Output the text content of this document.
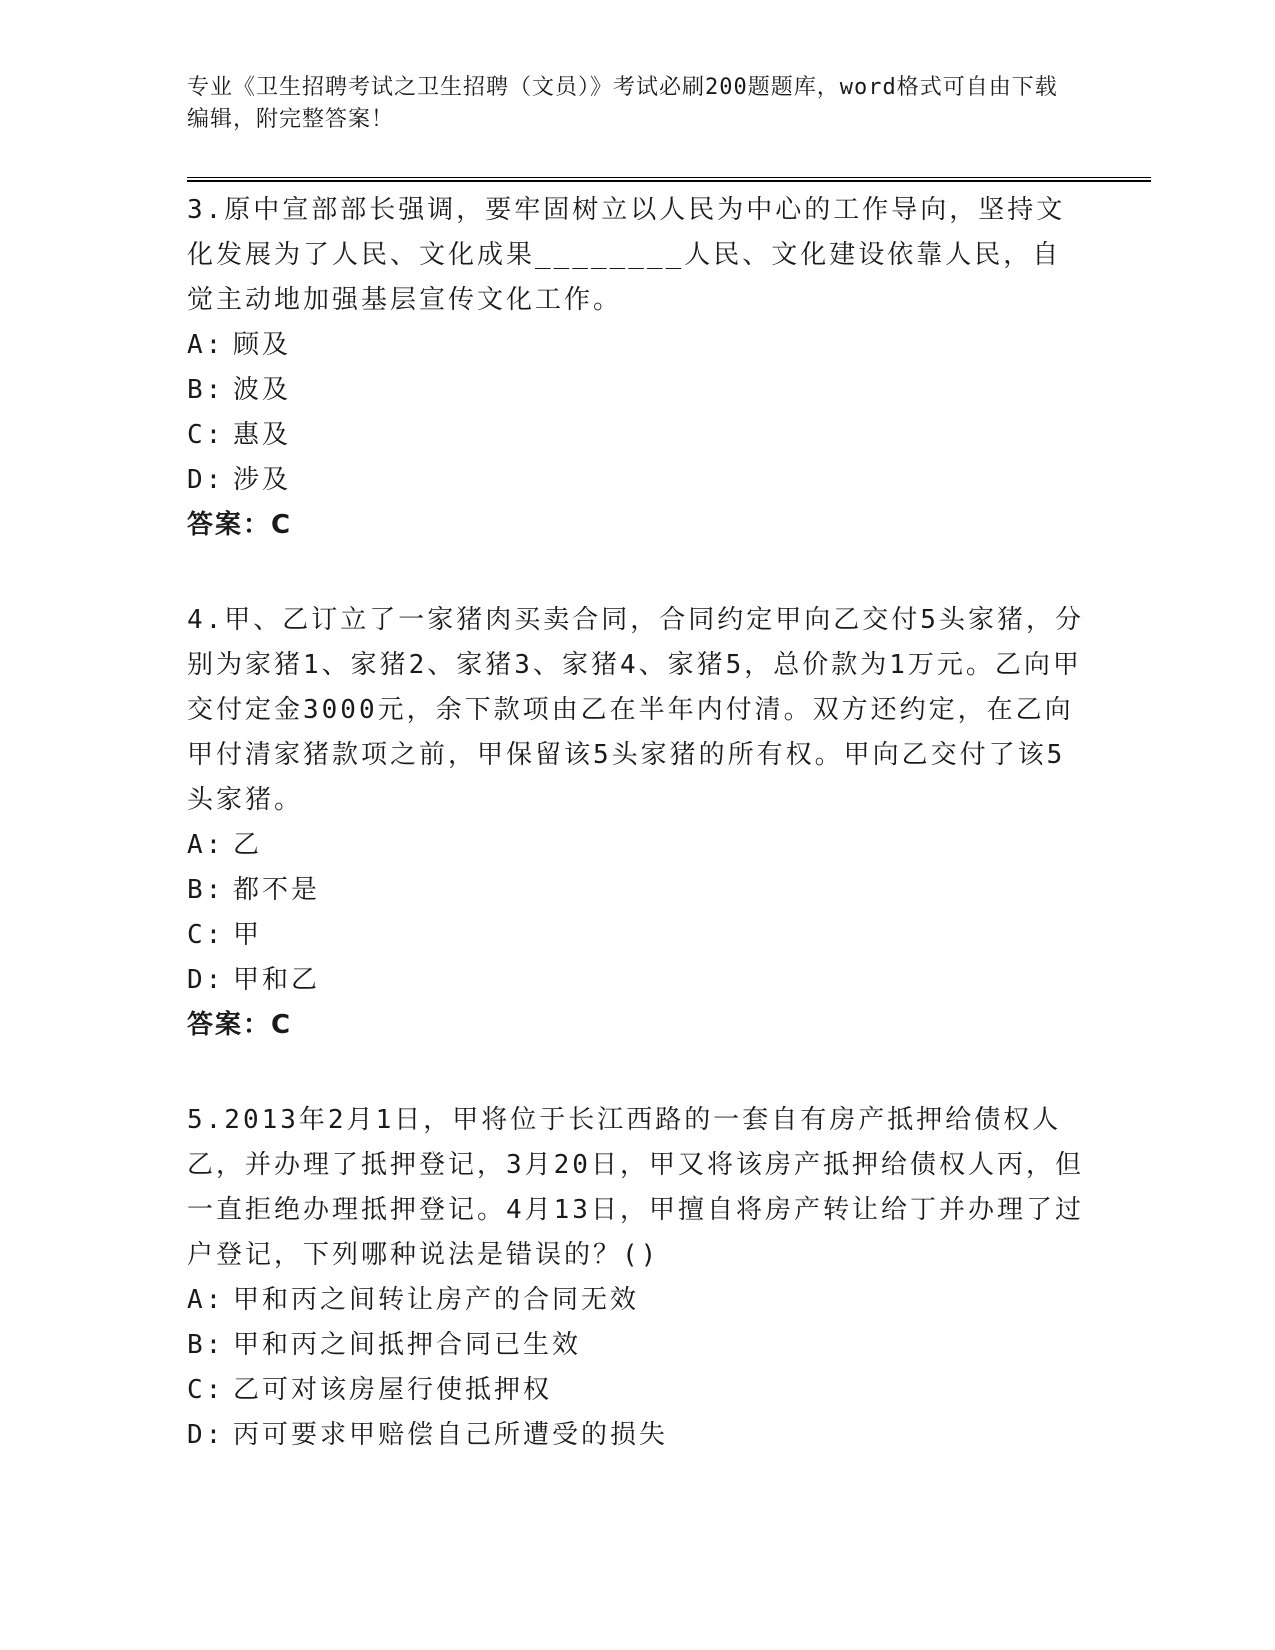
专业《卫生招聘考试之卫生招聘（文员）》考试必刷200题题库，word格式可自由下载编辑，附完整答案！

3.原中宣部部长强调，要牢固树立以人民为中心的工作导向，坚持文化发展为了人民、文化成果________人民、文化建设依靠人民，自觉主动地加强基层宣传文化工作。

A: 顾及

B: 波及

C: 惠及

D: 涉及

答案：C

4.甲、乙订立了一家猪肉买卖合同，合同约定甲向乙交付5头家猪，分别为家猪1、家猪2、家猪3、家猪4、家猪5，总价款为1万元。乙向甲交付定金3000元，余下款项由乙在半年内付清。双方还约定，在乙向甲付清家猪款项之前，甲保留该5头家猪的所有权。甲向乙交付了该5头家猪。

A: 乙

B: 都不是

C: 甲

D: 甲和乙

答案：C

5.2013年2月1日，甲将位于长江西路的一套自有房产抵押给债权人乙，并办理了抵押登记，3月20日，甲又将该房产抵押给债权人丙，但一直拒绝办理抵押登记。4月13日，甲擅自将房产转让给丁并办理了过户登记，下列哪种说法是错误的？()

A: 甲和丙之间转让房产的合同无效

B: 甲和丙之间抵押合同已生效

C: 乙可对该房屋行使抵押权

D: 丙可要求甲赔偿自己所遭受的损失
